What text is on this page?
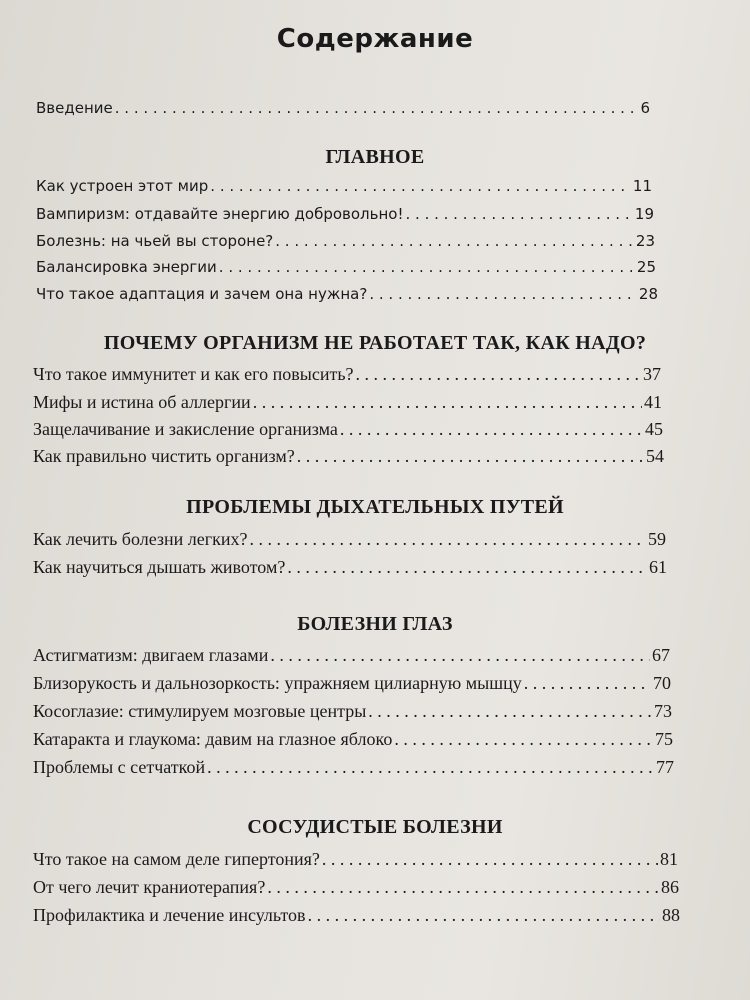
Содержание
Введение . . .	6
ГЛАВНОЕ
Как устроен этот мир . . .	11
Вампиризм: отдавайте энергию добровольно! . . .	19
Болезнь: на чьей вы стороне? . . .	23
Балансировка энергии . . .	25
Что такое адаптация и зачем она нужна? . . .	28
ПОЧЕМУ ОРГАНИЗМ НЕ РАБОТАЕТ ТАК, КАК НАДО?
Что такое иммунитет и как его повысить? . . .	37
Мифы и истина об аллергии . . .	41
Защелачивание и закисление организма . . .	45
Как правильно чистить организм? . . .	54
ПРОБЛЕМЫ ДЫХАТЕЛЬНЫХ ПУТЕЙ
Как лечить болезни легких? . . .	59
Как научиться дышать животом? . . .	61
БОЛЕЗНИ ГЛАЗ
Астигматизм: двигаем глазами . . .	67
Близорукость и дальнозоркость: упражняем цилиарную мышцу . . .	70
Косоглазие: стимулируем мозговые центры . . .	73
Катаракта и глаукома: давим на глазное яблоко . . .	75
Проблемы с сетчаткой . . .	77
СОСУДИСТЫЕ БОЛЕЗНИ
Что такое на самом деле гипертония? . . .	81
От чего лечит краниотерапия? . . .	86
Профилактика и лечение инсультов . . .	88
